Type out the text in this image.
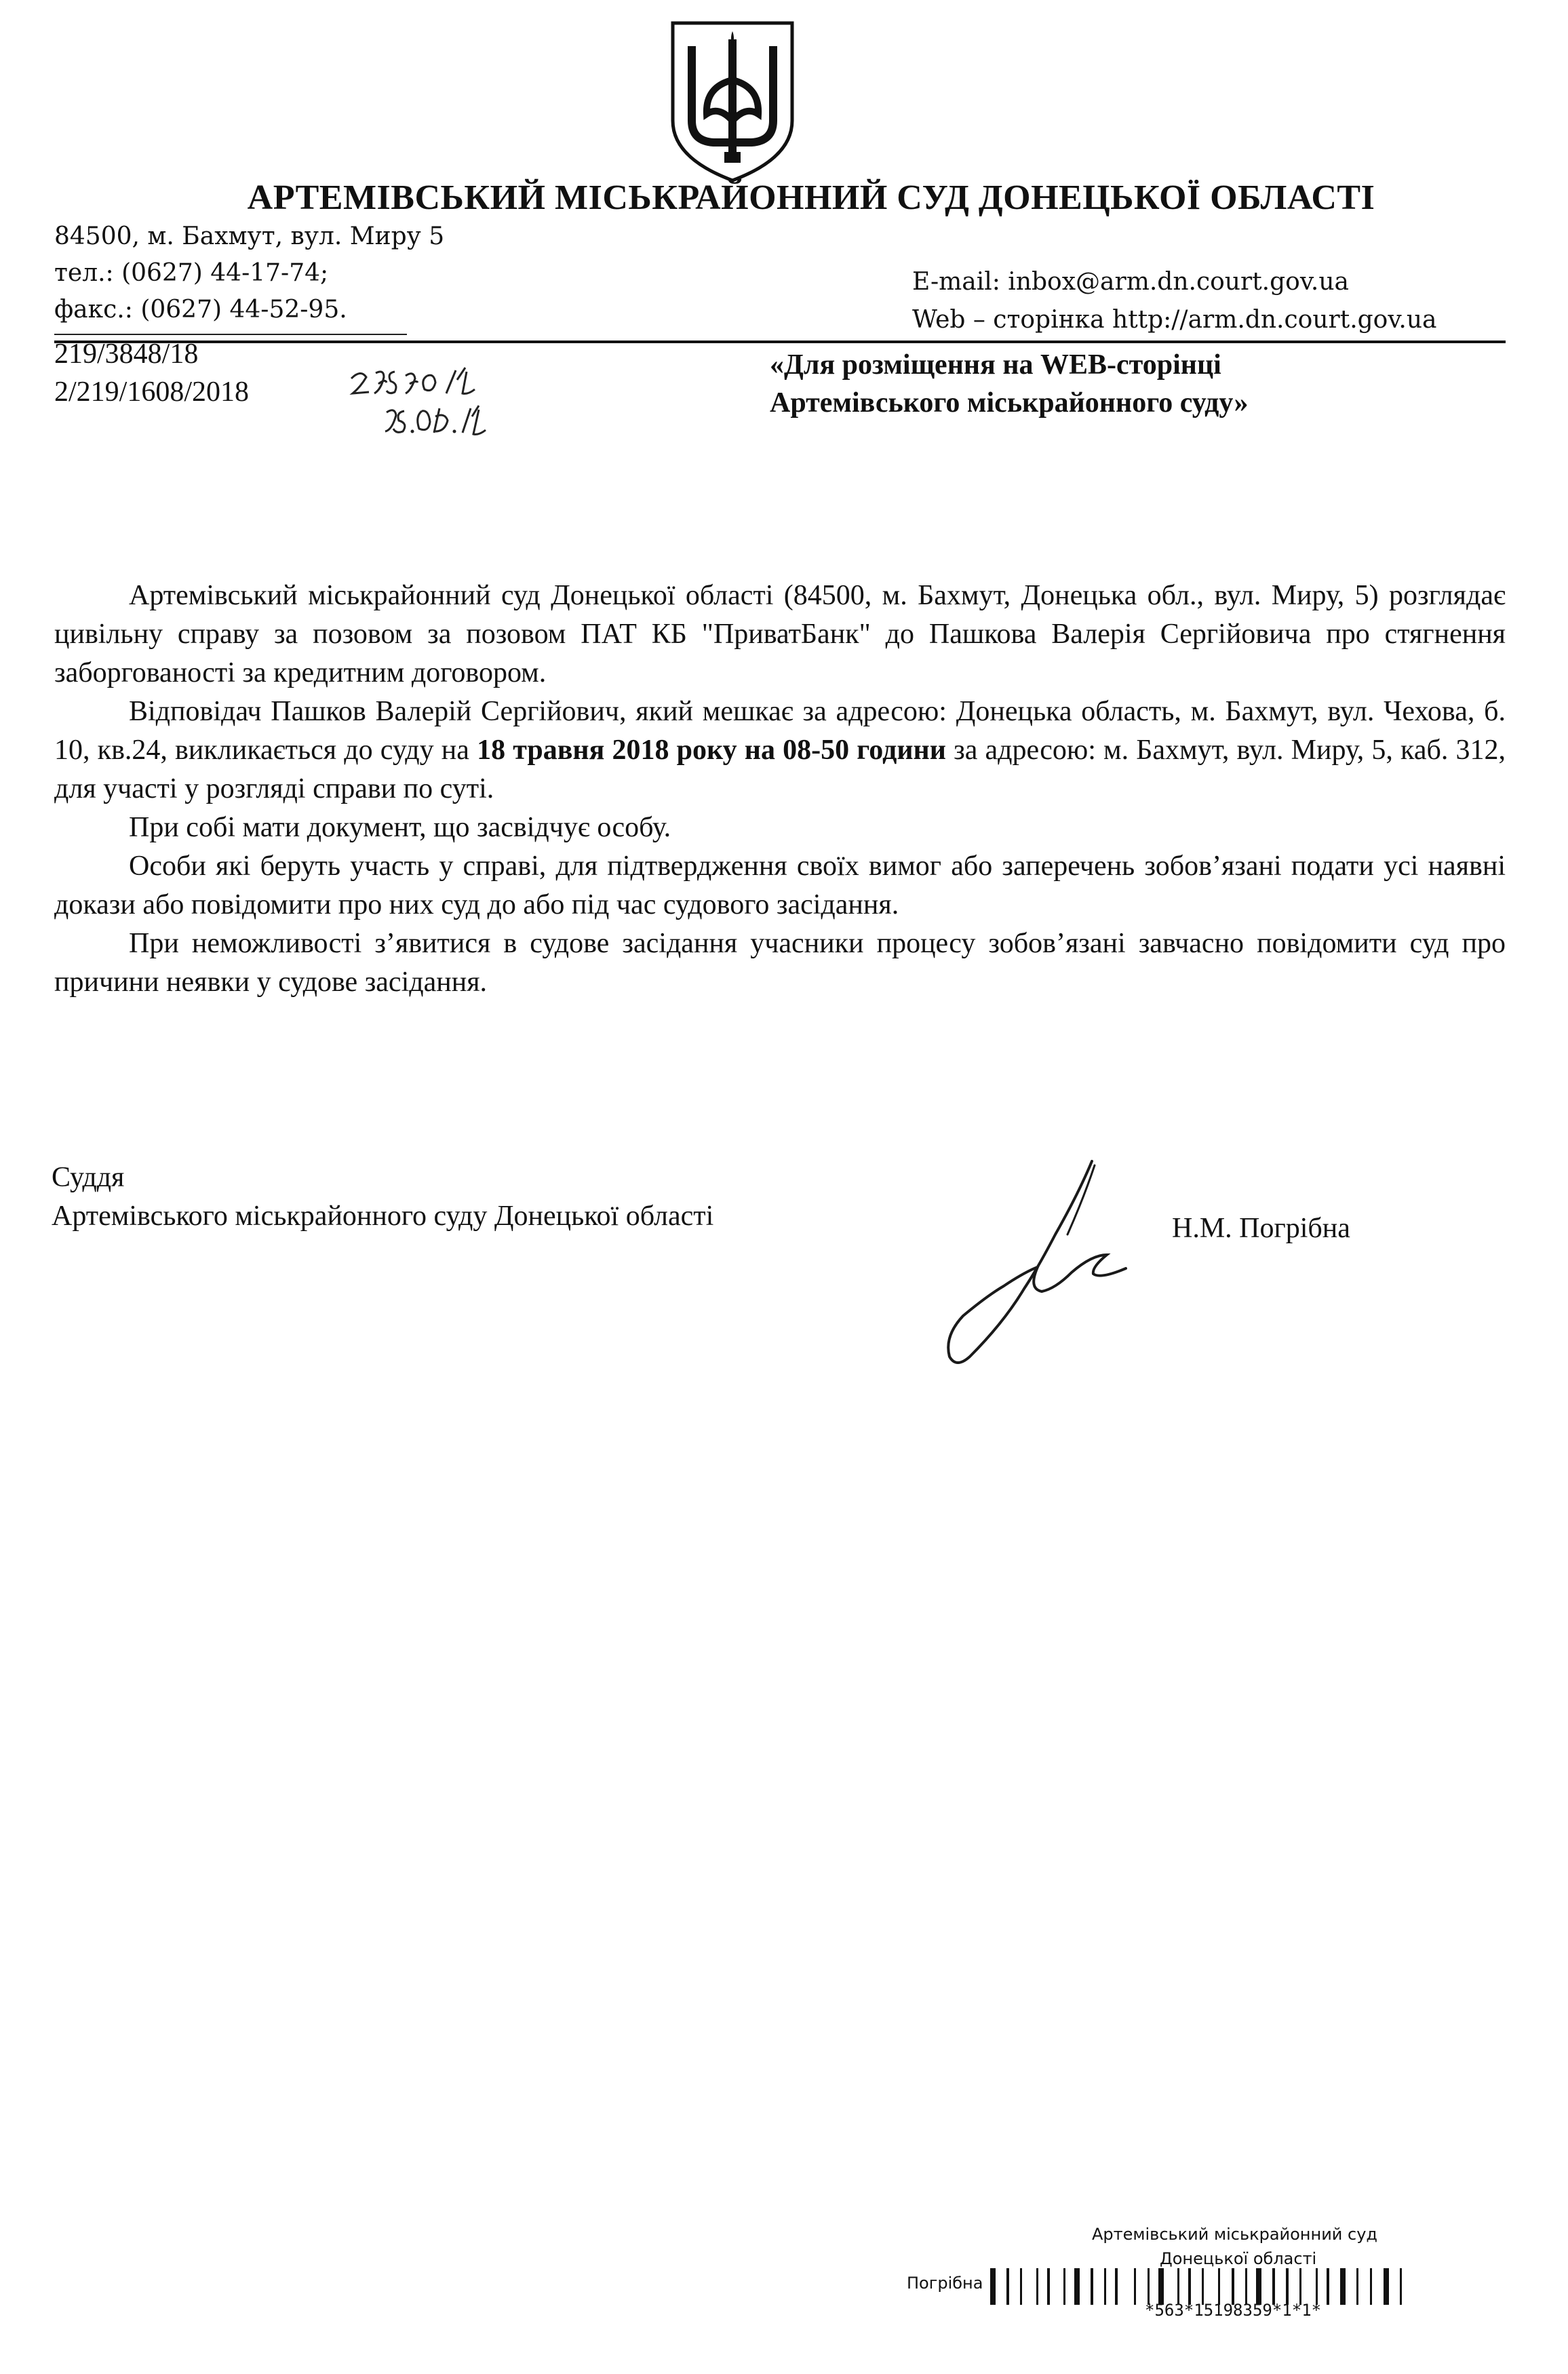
АРТЕМІВСЬКИЙ МІСЬКРАЙОННИЙ СУД ДОНЕЦЬКОЇ ОБЛАСТІ
84500, м. Бахмут, вул. Миру 5
тел.: (0627) 44-17-74;
факс.: (0627) 44-52-95.
E-mail: inbox@arm.dn.court.gov.ua
Web – сторінка http://arm.dn.court.gov.ua
219/3848/18
2/219/1608/2018
«Для розміщення на WEB-сторінці
Артемівського міськрайонного суду»

Артемівський міськрайонний суд Донецької області (84500, м. Бахмут, Донецька обл., вул. Миру, 5) розглядає цивільну справу за позовом за позовом ПАТ КБ "ПриватБанк" до Пашкова Валерія Сергійовича про стягнення заборгованості за кредитним договором.

Відповідач Пашков Валерій Сергійович, який мешкає за адресою: Донецька область, м. Бахмут, вул. Чехова, б. 10, кв.24, викликається до суду на 18 травня 2018 року на 08-50 години за адресою: м. Бахмут, вул. Миру, 5, каб. 312, для участі у розгляді справи по суті.

При собі мати документ, що засвідчує особу.

Особи які беруть участь у справі, для підтвердження своїх вимог або заперечень зобов’язані подати усі наявні докази або повідомити про них суд до або під час судового засідання.

При неможливості з’явитися в судове засідання учасники процесу зобов’язані завчасно повідомити суд про причини неявки у судове засідання.

Суддя
Артемівського міськрайонного суду Донецької області	Н.М. Погрібна
Артемівський міськрайонний суд
Донецької області
Погрібна
*563*15198359*1*1*
